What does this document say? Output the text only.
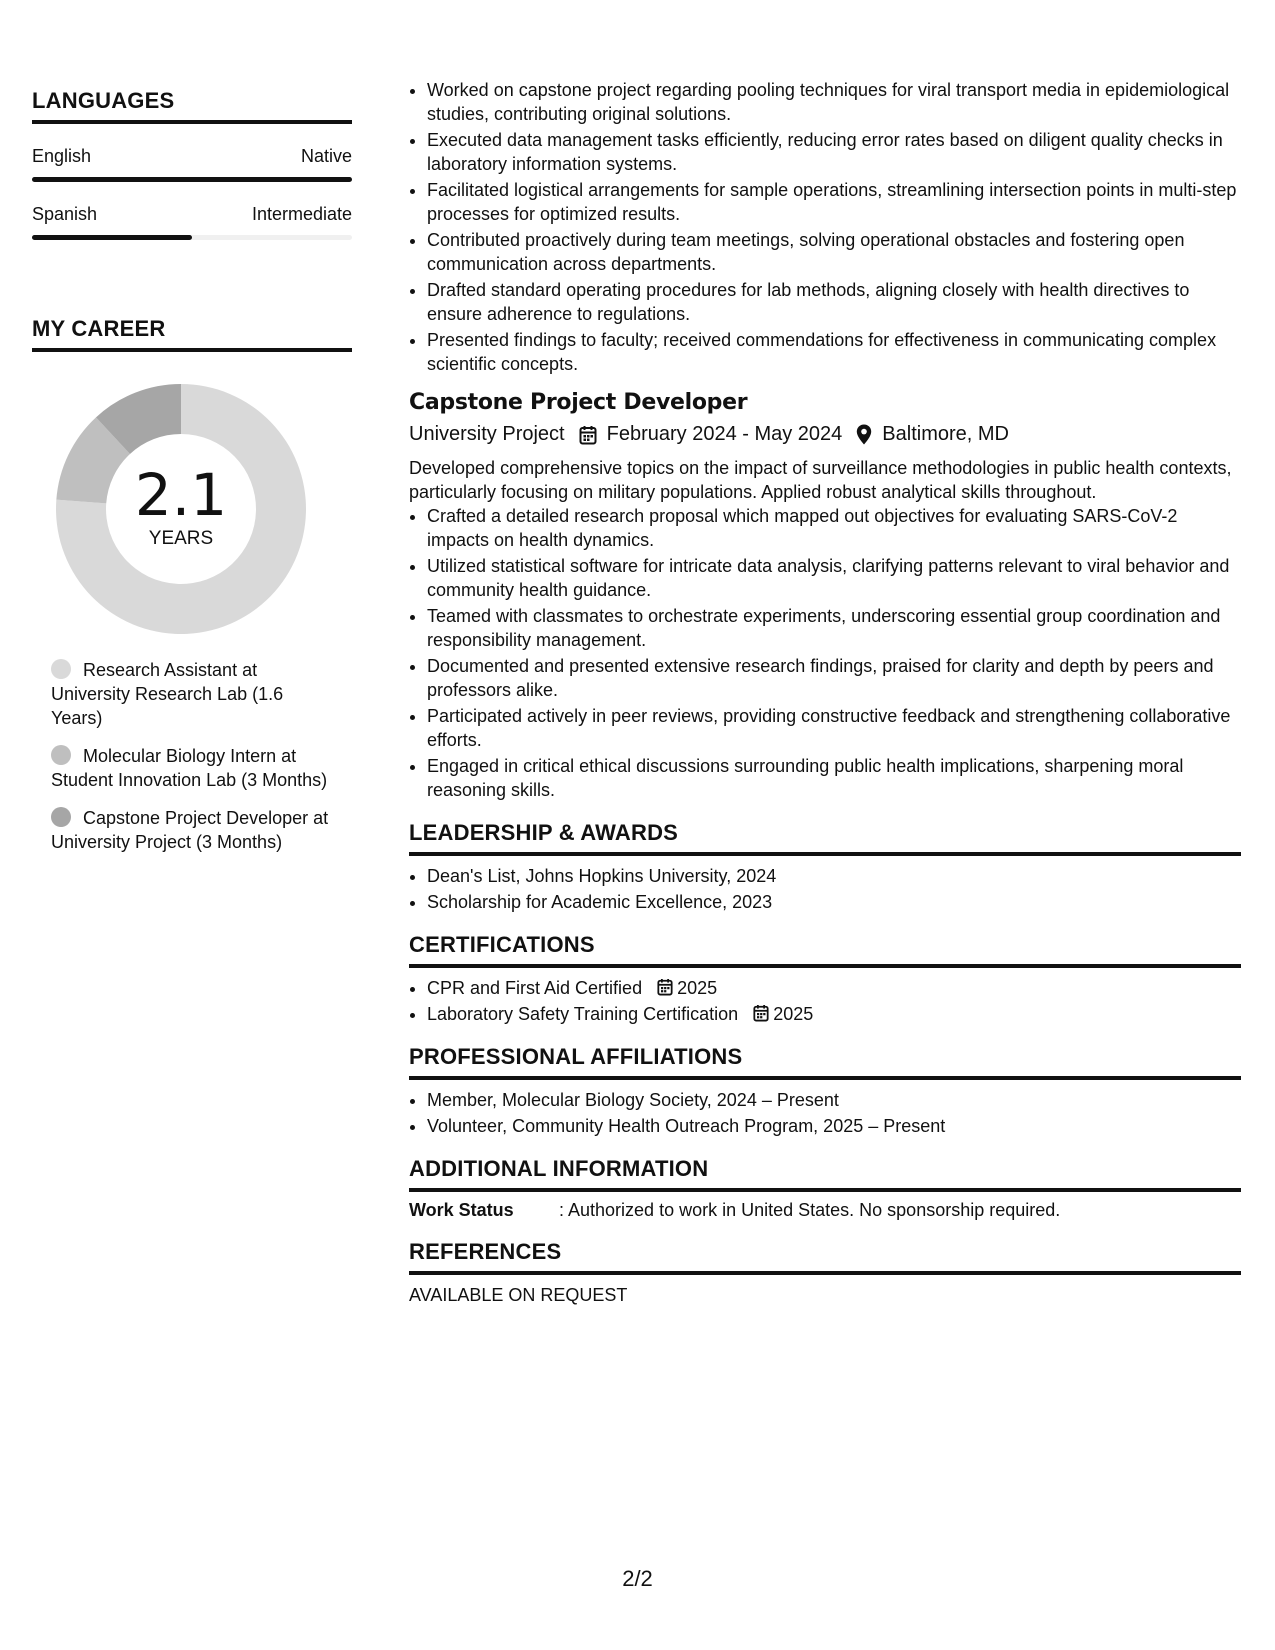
LANGUAGES
English	Native
Spanish	Intermediate
MY CAREER
2.1
YEARS
Research Assistant at University Research Lab (1.6 Years)
Molecular Biology Intern at Student Innovation Lab (3 Months)
Capstone Project Developer at University Project (3 Months)
• Worked on capstone project regarding pooling techniques for viral transport media in epidemiological studies, contributing original solutions.
• Executed data management tasks efficiently, reducing error rates based on diligent quality checks in laboratory information systems.
• Facilitated logistical arrangements for sample operations, streamlining intersection points in multi-step processes for optimized results.
• Contributed proactively during team meetings, solving operational obstacles and fostering open communication across departments.
• Drafted standard operating procedures for lab methods, aligning closely with health directives to ensure adherence to regulations.
• Presented findings to faculty; received commendations for effectiveness in communicating complex scientific concepts.
Capstone Project Developer
University Project February 2024 - May 2024 Baltimore, MD
Developed comprehensive topics on the impact of surveillance methodologies in public health contexts, particularly focusing on military populations. Applied robust analytical skills throughout.
• Crafted a detailed research proposal which mapped out objectives for evaluating SARS-CoV-2 impacts on health dynamics.
• Utilized statistical software for intricate data analysis, clarifying patterns relevant to viral behavior and community health guidance.
• Teamed with classmates to orchestrate experiments, underscoring essential group coordination and responsibility management.
• Documented and presented extensive research findings, praised for clarity and depth by peers and professors alike.
• Participated actively in peer reviews, providing constructive feedback and strengthening collaborative efforts.
• Engaged in critical ethical discussions surrounding public health implications, sharpening moral reasoning skills.
LEADERSHIP & AWARDS
• Dean's List, Johns Hopkins University, 2024
• Scholarship for Academic Excellence, 2023
CERTIFICATIONS
• CPR and First Aid Certified 2025
• Laboratory Safety Training Certification 2025
PROFESSIONAL AFFILIATIONS
• Member, Molecular Biology Society, 2024 – Present
• Volunteer, Community Health Outreach Program, 2025 – Present
ADDITIONAL INFORMATION
Work Status	: Authorized to work in United States. No sponsorship required.
REFERENCES
AVAILABLE ON REQUEST
2/2
